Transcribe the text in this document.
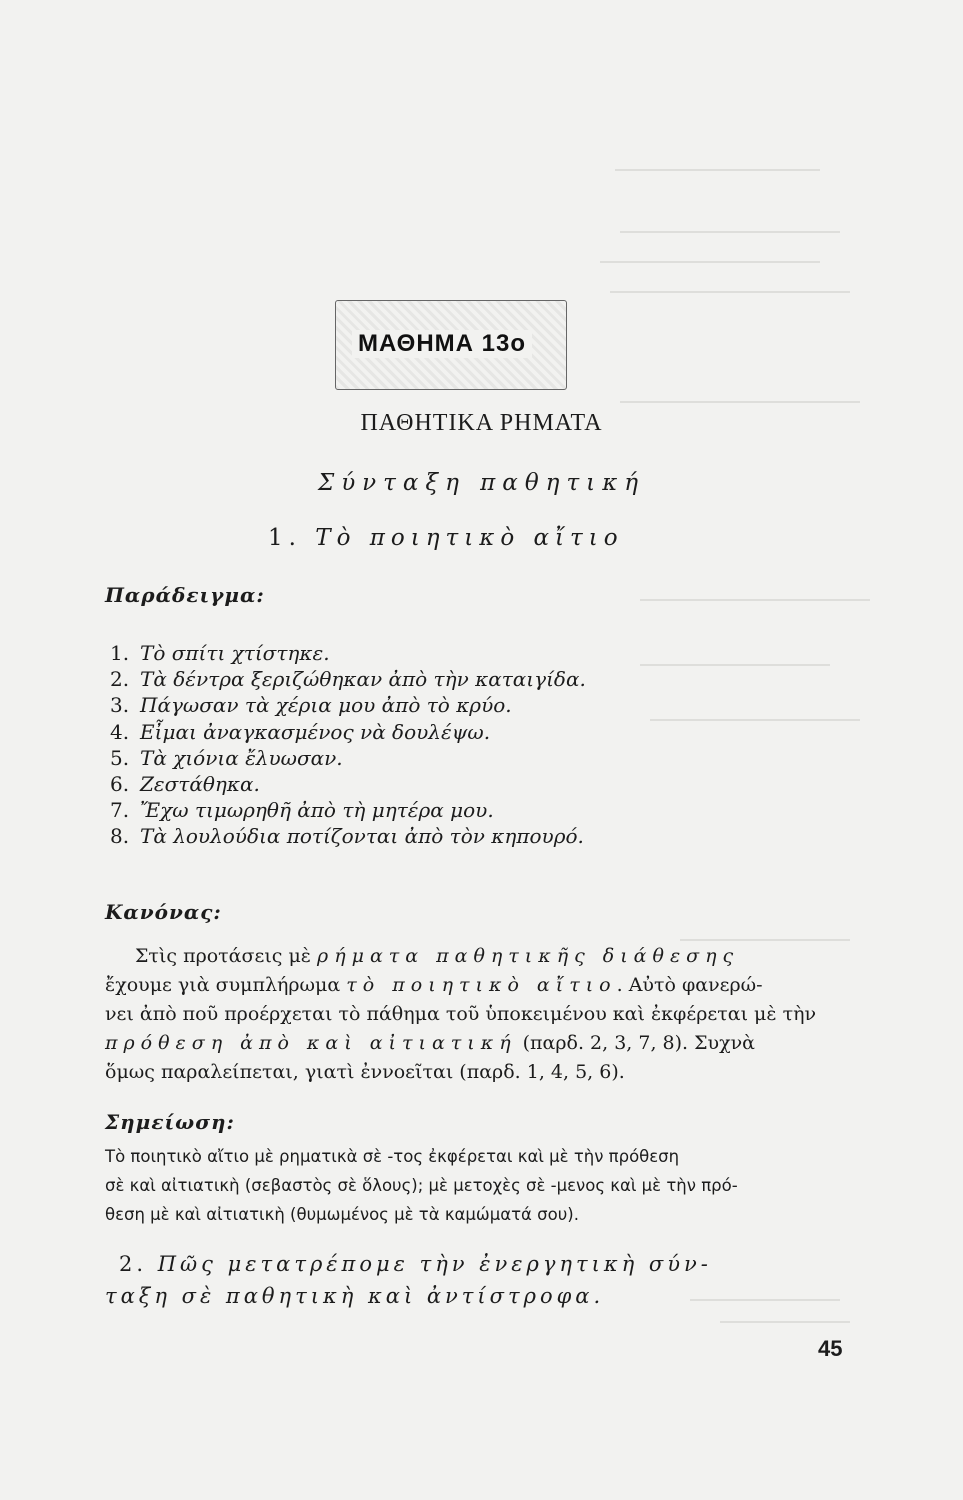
ΜΑΘΗΜΑ 13ο
ΠΑΘΗΤΙΚΑ ΡΗΜΑΤΑ
Σύνταξη παθητική
1. Τὸ ποιητικὸ αἴτιο
Παράδειγμα:
1. Τὸ σπίτι χτίστηκε.
2. Τὰ δέντρα ξεριζώθηκαν ἀπὸ τὴν καταιγίδα.
3. Πάγωσαν τὰ χέρια μου ἀπὸ τὸ κρύο.
4. Εἶμαι ἀναγκασμένος νὰ δουλέψω.
5. Τὰ χιόνια ἔλυωσαν.
6. Ζεστάθηκα.
7. Ἔχω τιμωρηθῆ ἀπὸ τὴ μητέρα μου.
8. Τὰ λουλούδια ποτίζονται ἀπὸ τὸν κηπουρό.
Κανόνας:
Στὶς προτάσεις μὲ ρήματα παθητικῆς διάθεσης
ἔχουμε γιὰ συμπλήρωμα τὸ ποιητικὸ αἴτιο. Αὐτὸ φανερώ-
νει ἀπὸ ποῦ προέρχεται τὸ πάθημα τοῦ ὑποκειμένου καὶ ἐκφέρεται μὲ τὴν
πρόθεση ἀπὸ καὶ αἰτιατική (παρδ. 2, 3, 7, 8). Συχνὰ
ὅμως παραλείπεται, γιατὶ ἐννοεῖται (παρδ. 1, 4, 5, 6).
Σημείωση:
Τὸ ποιητικὸ αἴτιο μὲ ρηματικὰ σὲ -τος ἐκφέρεται καὶ μὲ τὴν πρόθεση
σὲ καὶ αἰτιατικὴ (σεβαστὸς σὲ ὅλους); μὲ μετοχὲς σὲ -μενος καὶ μὲ τὴν πρό-
θεση μὲ καὶ αἰτιατικὴ (θυμωμένος μὲ τὰ καμώματά σου).
2. Πῶς μετατρέπομε τὴν ἐνεργητικὴ σύν-
ταξη σὲ παθητικὴ καὶ ἀντίστροφα.
45
